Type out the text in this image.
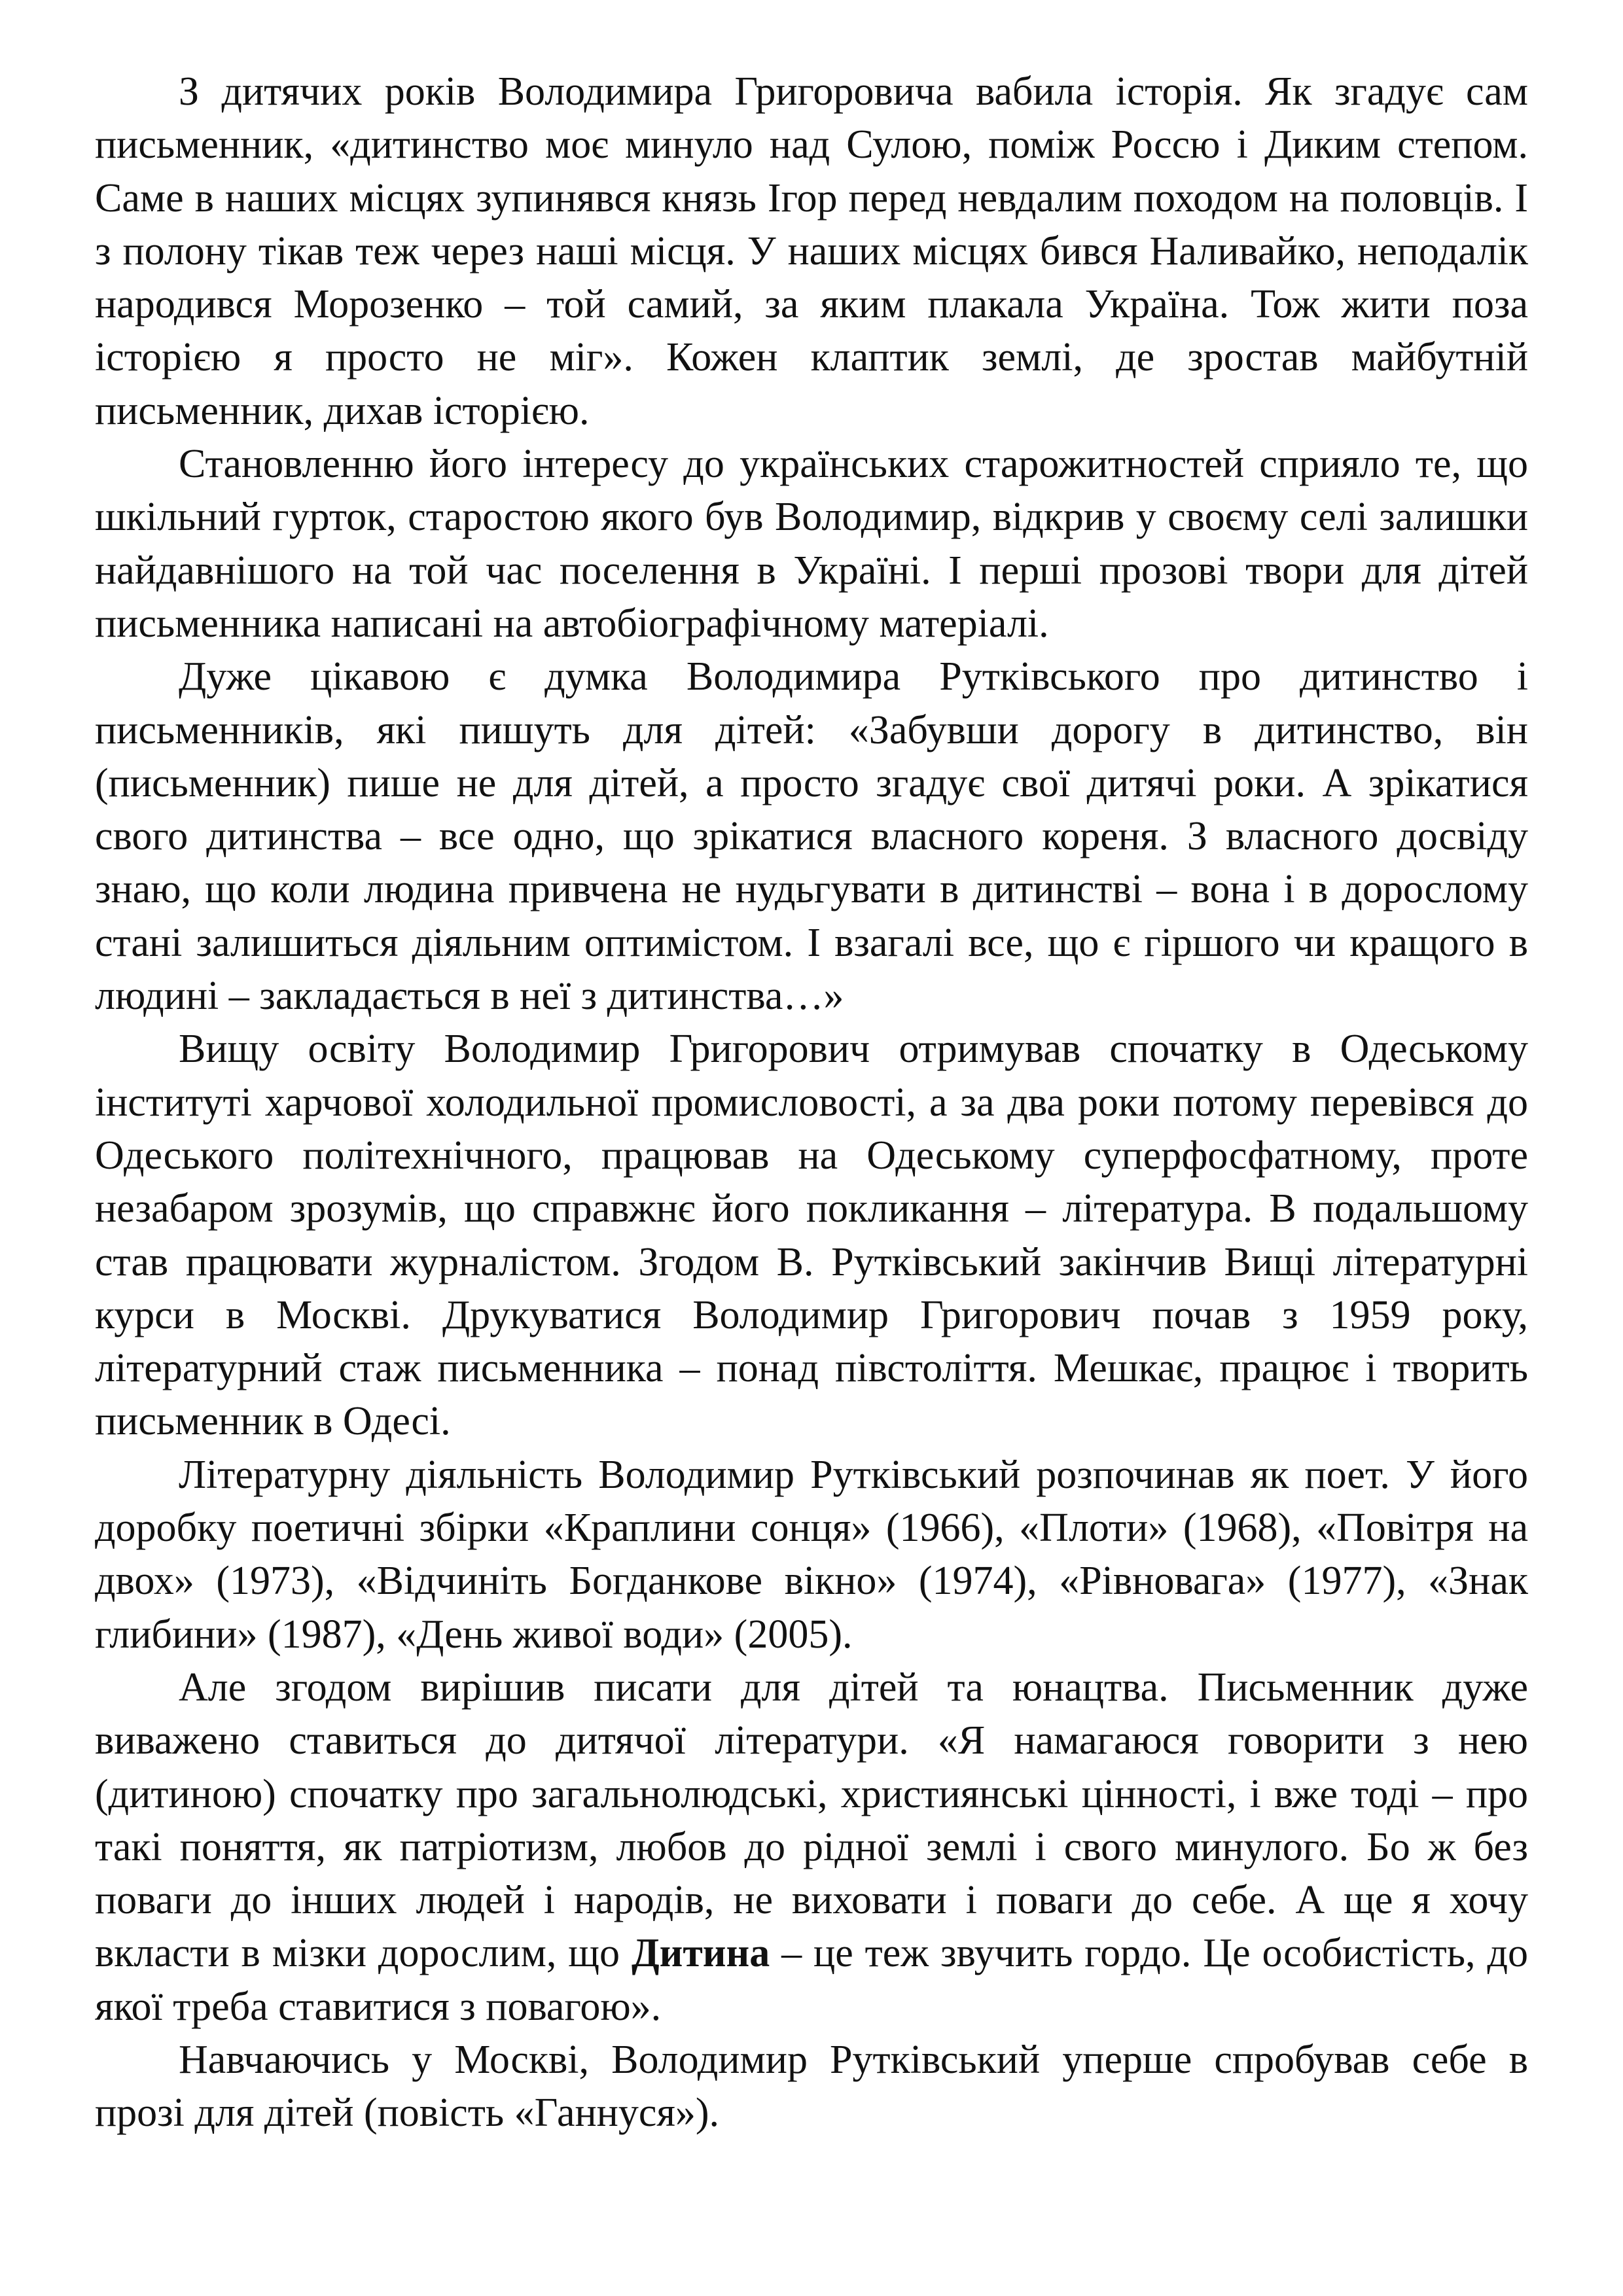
З дитячих років Володимира Григоровича вабила історія. Як згадує сам письменник, «дитинство моє минуло над Сулою, поміж Россю і Диким степом. Саме в наших місцях зупинявся князь Ігор перед невдалим походом на половців. І з полону тікав теж через наші місця. У наших місцях бився Наливайко, неподалік народився Морозенко – той самий, за яким плакала Україна. Тож жити поза історією я просто не міг». Кожен клаптик землі, де зростав майбутній письменник, дихав історією.

Становленню його інтересу до українських старожитностей сприяло те, що шкільний гурток, старостою якого був Володимир, відкрив у своєму селі залишки найдавнішого на той час поселення в Україні. І перші прозові твори для дітей письменника написані на автобіографічному матеріалі.

Дуже цікавою є думка Володимира Рутківського про дитинство і письменників, які пишуть для дітей: «Забувши дорогу в дитинство, він (письменник) пише не для дітей, а просто згадує свої дитячі роки. А зрікатися свого дитинства – все одно, що зрікатися власного кореня. З власного досвіду знаю, що коли людина привчена не нудьгувати в дитинстві – вона і в дорослому стані залишиться діяльним оптимістом. І взагалі все, що є гіршого чи кращого в людині – закладається в неї з дитинства…»

Вищу освіту Володимир Григорович отримував спочатку в Одеському інституті харчової холодильної промисловості, а за два роки потому перевівся до Одеського політехнічного, працював на Одеському суперфосфатному, проте незабаром зрозумів, що справжнє його покликання – література. В подальшому став працювати журналістом. Згодом В. Рутківський закінчив Вищі літературні курси в Москві. Друкуватися Володимир Григорович почав з 1959 року, літературний стаж письменника – понад півстоліття. Мешкає, працює і творить письменник в Одесі.

Літературну діяльність Володимир Рутківський розпочинав як поет. У його доробку поетичні збірки «Краплини сонця» (1966), «Плоти» (1968), «Повітря на двох» (1973), «Відчиніть Богданкове вікно» (1974), «Рівновага» (1977), «Знак глибини» (1987), «День живої води» (2005).

Але згодом вирішив писати для дітей та юнацтва. Письменник дуже виважено ставиться до дитячої літератури. «Я намагаюся говорити з нею (дитиною) спочатку про загальнолюдські, християнські цінності, і вже тоді – про такі поняття, як патріотизм, любов до рідної землі і свого минулого. Бо ж без поваги до інших людей і народів, не виховати і поваги до себе. А ще я хочу вкласти в мізки дорослим, що Дитина – це теж звучить гордо. Це особистість, до якої треба ставитися з повагою».

Навчаючись у Москві, Володимир Рутківський уперше спробував себе в прозі для дітей (повість «Ганнуся»).
